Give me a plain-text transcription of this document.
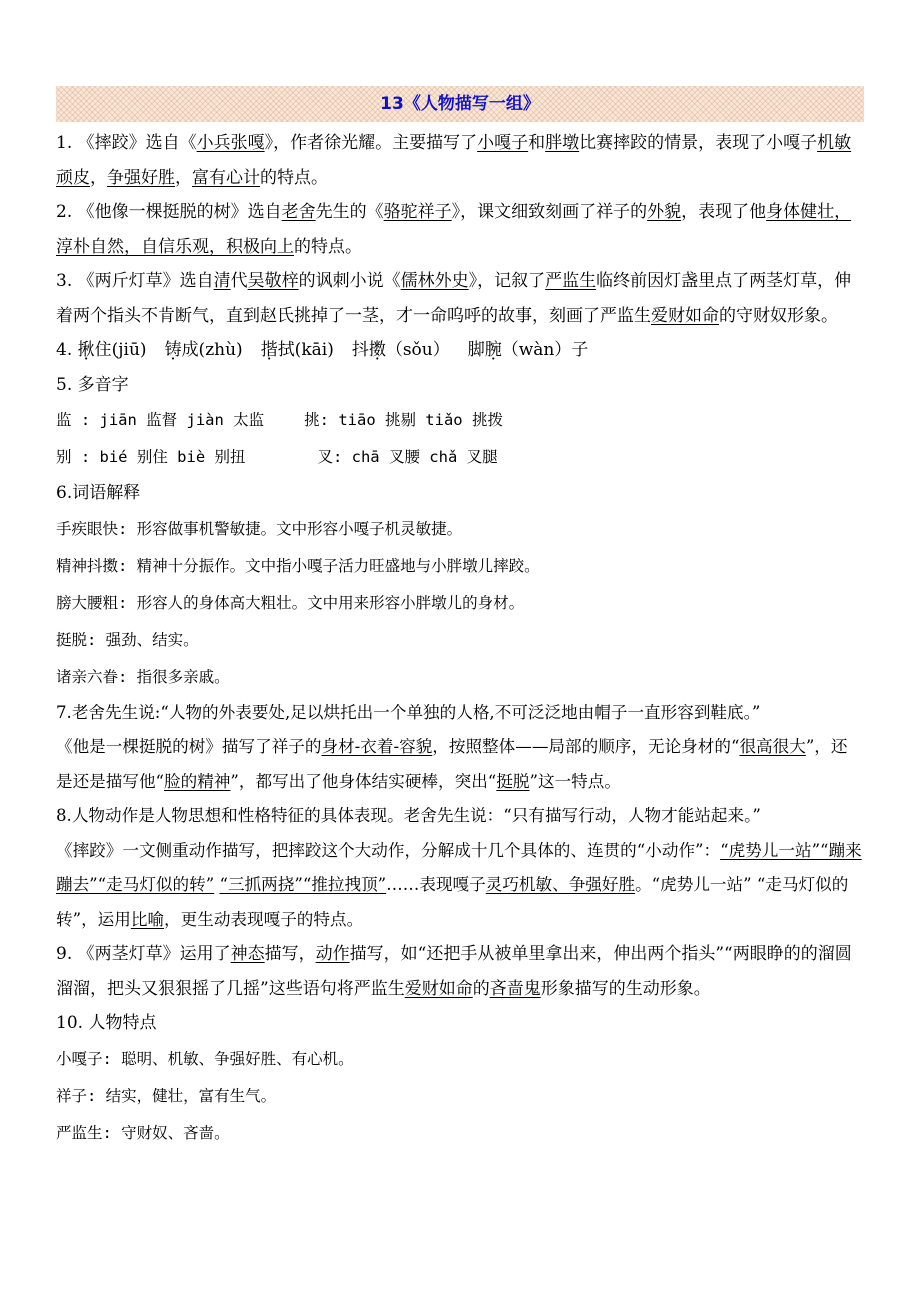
13《人物描写一组》

1. 《摔跤》选自《小兵张嘎》，作者徐光耀。主要描写了小嘎子和胖墩比赛摔跤的情景，表现了小嘎子机敏顽皮，争强好胜，富有心计的特点。

2. 《他像一棵挺脱的树》选自老舍先生的《骆驼祥子》，课文细致刻画了祥子的外貌，表现了他身体健壮，淳朴自然，自信乐观，积极向上的特点。

3. 《两斤灯草》选自清代吴敬梓的讽刺小说《儒林外史》，记叙了严监生临终前因灯盏里点了两茎灯草，伸着两个指头不肯断气，直到赵氏挑掉了一茎，才一命呜呼的故事，刻画了严监生爱财如命的守财奴形象。

4. 揪住(jiū) 铸成(zhù) 揩拭(kāi) 抖擞（sǒu） 脚腕（wàn）子

5. 多音字

监 : jiān 监督 jiàn 太监	挑: tiāo 挑剔 tiǎo 挑拨

别 : bié 别住 biè 别扭	叉: chā 叉腰 chǎ 叉腿

6.词语解释

手疾眼快: 形容做事机警敏捷。文中形容小嘎子机灵敏捷。

精神抖擞: 精神十分振作。文中指小嘎子活力旺盛地与小胖墩儿摔跤。

膀大腰粗: 形容人的身体高大粗壮。文中用来形容小胖墩儿的身材。

挺脱: 强劲、结实。

诸亲六眷: 指很多亲戚。

7.老舍先生说:“人物的外表要处,足以烘托出一个单独的人格,不可泛泛地由帽子一直形容到鞋底。”
《他是一棵挺脱的树》描写了祥子的身材-衣着-容貌，按照整体——局部的顺序，无论身材的“很高很大”，还是还是描写他“脸的精神”，都写出了他身体结实硬棒，突出“挺脱”这一特点。

8.人物动作是人物思想和性格特征的具体表现。老舍先生说：“只有描写行动，人物才能站起来。”
《摔跤》一文侧重动作描写，把摔跤这个大动作，分解成十几个具体的、连贯的“小动作”：“虎势儿一站”“蹦来蹦去”“走马灯似的转” “三抓两挠”“推拉拽顶”……表现嘎子灵巧机敏、争强好胜。“虎势儿一站” “走马灯似的转”，运用比喻，更生动表现嘎子的特点。

9. 《两茎灯草》运用了神态描写，动作描写，如“还把手从被单里拿出来，伸出两个指头”“两眼睁的的溜圆溜溜，把头又狠狠摇了几摇”这些语句将严监生爱财如命的吝啬鬼形象描写的生动形象。

10. 人物特点

小嘎子: 聪明、机敏、争强好胜、有心机。

祥子: 结实，健壮，富有生气。

严监生: 守财奴、吝啬。
